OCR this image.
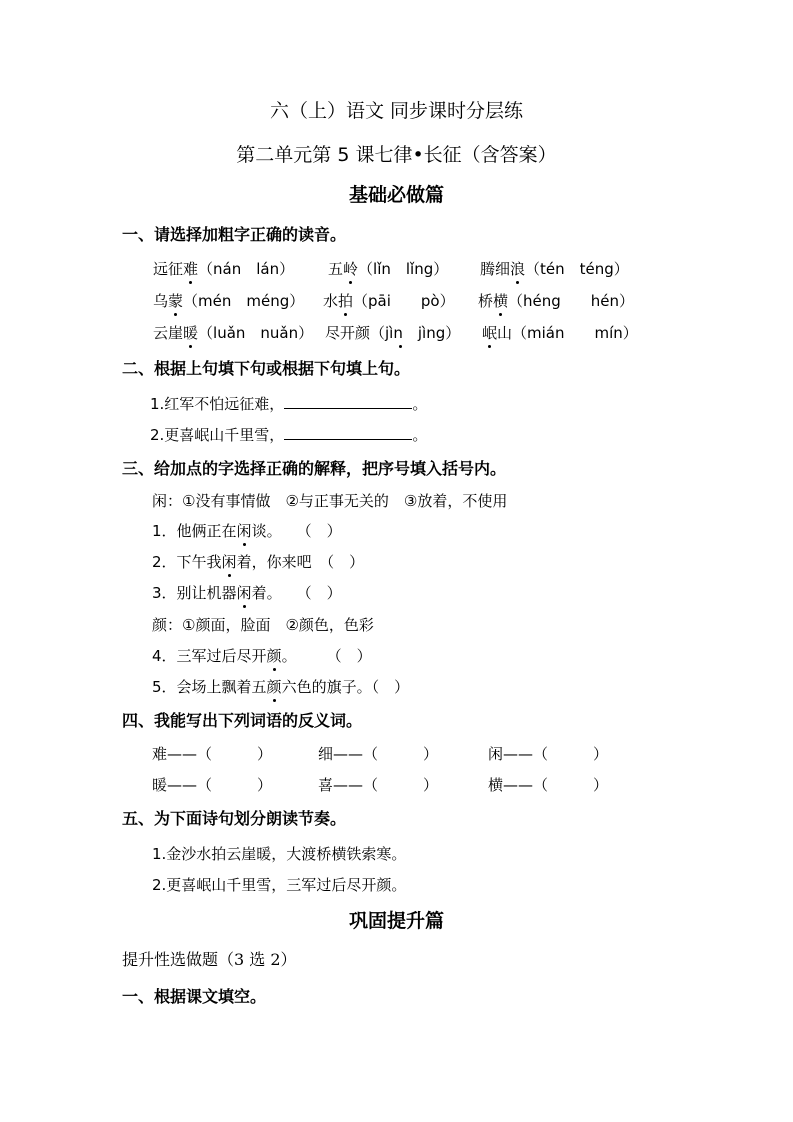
六（上）语文 同步课时分层练
第二单元第 5 课七律•长征（含答案）
基础必做篇
一、请选择加粗字正确的读音。
远征难（nán　lán） 五岭（lǐn　lǐng） 腾细浪（tén　téng）
乌蒙（mén　méng） 水拍（pāi　　pò） 桥横（héng　　hén）
云崖暖（luǎn　nuǎn） 尽开颜（jìn　jìng） 岷山（mián　　mín）
二、根据上句填下句或根据下句填上句。
1.红军不怕远征难，	。
2.更喜岷山千里雪，	。
三、给加点的字选择正确的解释，把序号填入括号内。
闲：①没有事情做　②与正事无关的　③放着，不使用
1．他俩正在闲谈。　　（　）
2．下午我闲着，你来吧　（　）
3．别让机器闲着。　　（　）
颜：①颜面，脸面　②颜色，色彩
4．三军过后尽开颜。　　　（　）
5．会场上飘着五颜六色的旗子。（　）
四、我能写出下列词语的反义词。
难——（　　　）	细——（　　　）	闲——（　　　）
暖——（　　　）	喜——（　　　）	横——（　　　）
五、为下面诗句划分朗读节奏。
1.金沙水拍云崖暖，大渡桥横铁索寒。
2.更喜岷山千里雪，三军过后尽开颜。
巩固提升篇
提升性选做题（3 选 2）
一、根据课文填空。
